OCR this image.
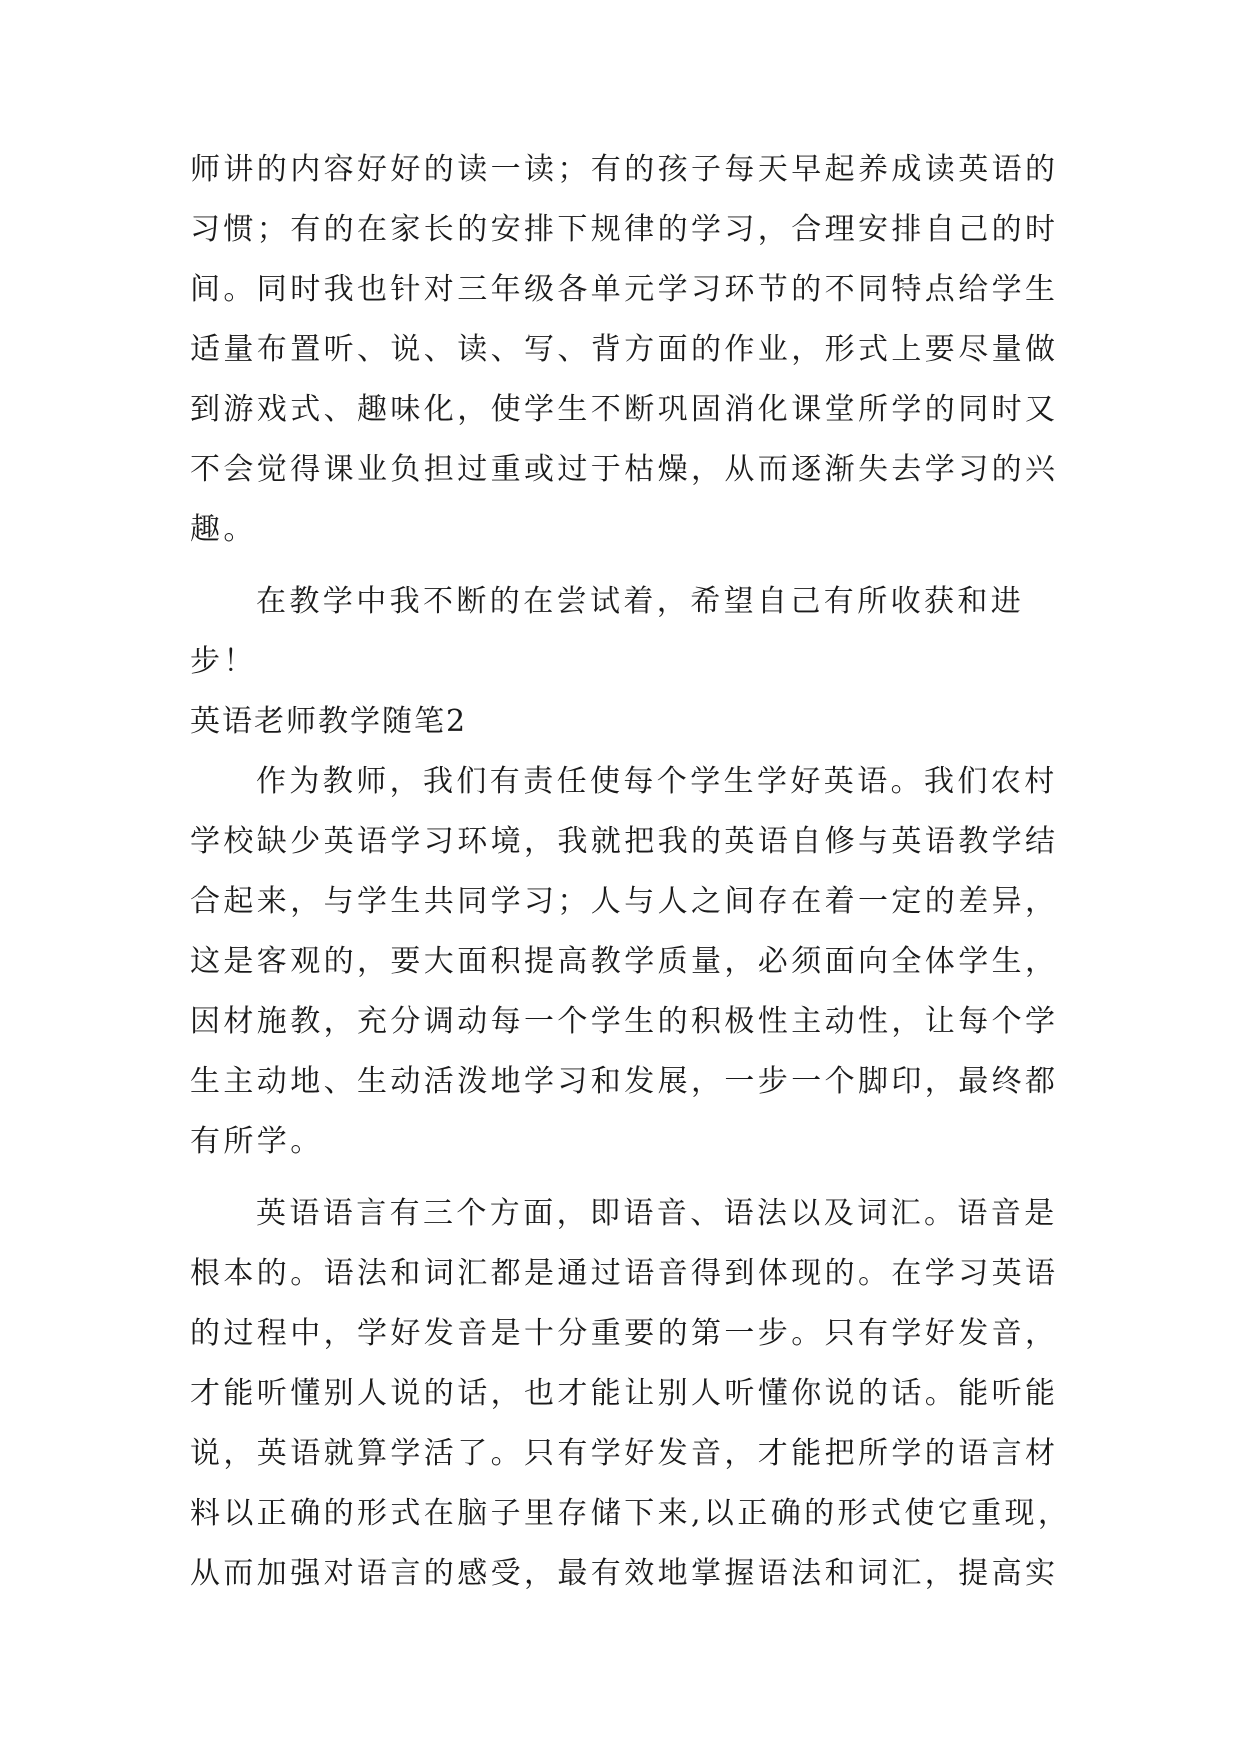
师讲的内容好好的读一读；有的孩子每天早起养成读英语的
习惯；有的在家长的安排下规律的学习，合理安排自己的时
间。同时我也针对三年级各单元学习环节的不同特点给学生
适量布置听、说、读、写、背方面的作业，形式上要尽量做
到游戏式、趣味化，使学生不断巩固消化课堂所学的同时又
不会觉得课业负担过重或过于枯燥，从而逐渐失去学习的兴
趣。
在教学中我不断的在尝试着，希望自己有所收获和进
步！
英语老师教学随笔2
作为教师，我们有责任使每个学生学好英语。我们农村
学校缺少英语学习环境，我就把我的英语自修与英语教学结
合起来，与学生共同学习；人与人之间存在着一定的差异，
这是客观的，要大面积提高教学质量，必须面向全体学生，
因材施教，充分调动每一个学生的积极性主动性，让每个学
生主动地、生动活泼地学习和发展，一步一个脚印，最终都
有所学。
英语语言有三个方面，即语音、语法以及词汇。语音是
根本的。语法和词汇都是通过语音得到体现的。在学习英语
的过程中，学好发音是十分重要的第一步。只有学好发音，
才能听懂别人说的话，也才能让别人听懂你说的话。能听能
说，英语就算学活了。只有学好发音，才能把所学的语言材
料以正确的形式在脑子里存储下来,以正确的形式使它重现，
从而加强对语言的感受，最有效地掌握语法和词汇，提高实
